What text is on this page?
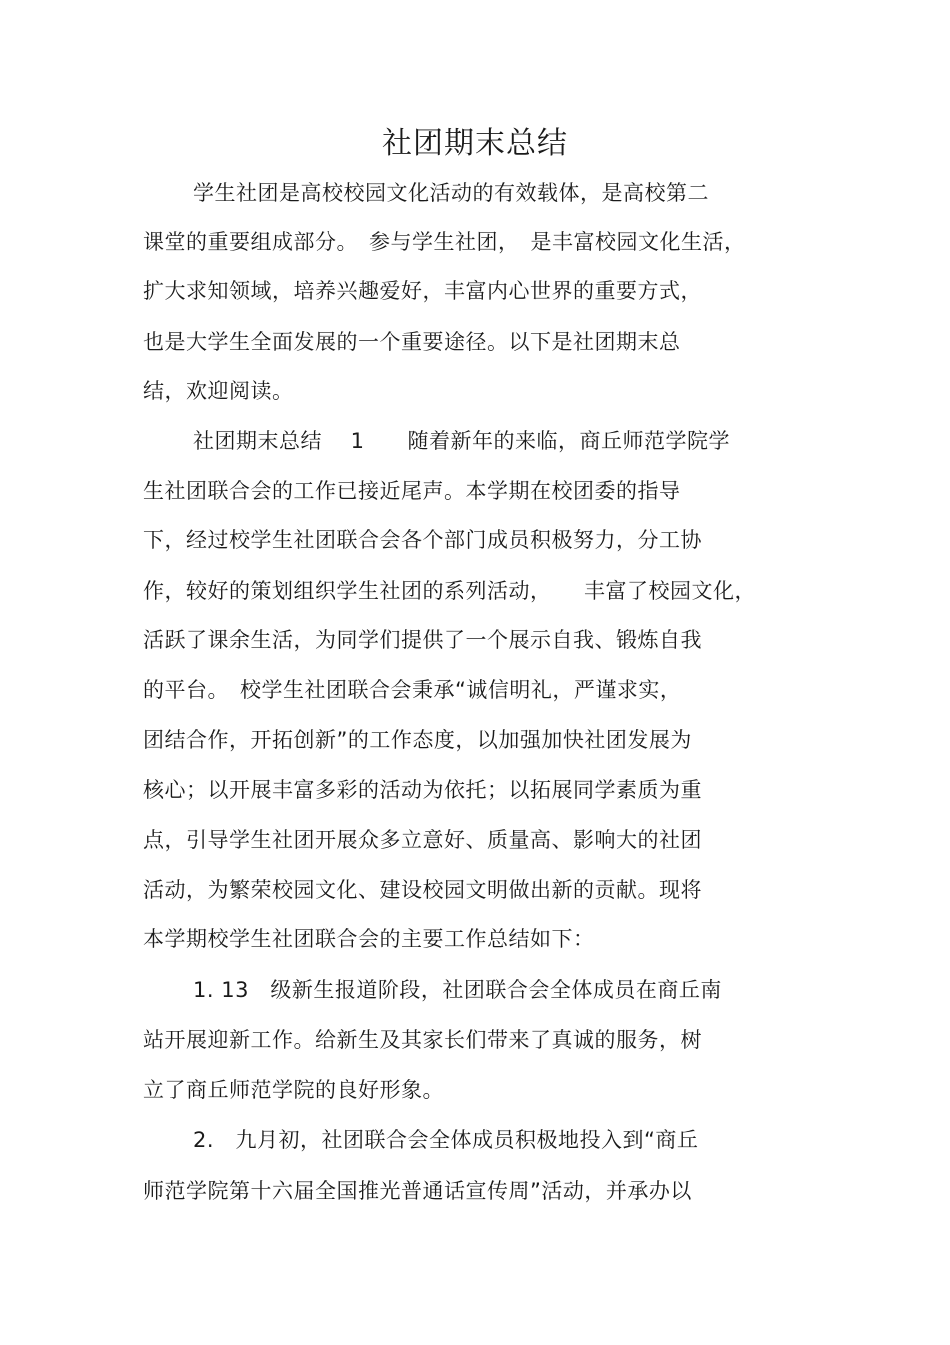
社团期末总结
学生社团是高校校园文化活动的有效载体，是高校第二
课堂的重要组成部分。　参与学生社团，　是丰富校园文化生活，
扩大求知领域，培养兴趣爱好，丰富内心世界的重要方式，
也是大学生全面发展的一个重要途径。以下是社团期末总
结，欢迎阅读。
社团期末总结　 1　　随着新年的来临，商丘师范学院学
生社团联合会的工作已接近尾声。本学期在校团委的指导
下，经过校学生社团联合会各个部门成员积极努力，分工协
作，较好的策划组织学生社团的系列活动，　　丰富了校园文化，
活跃了课余生活，为同学们提供了一个展示自我、锻炼自我
的平台。　校学生社团联合会秉承“诚信明礼，严谨求实，
团结合作，开拓创新”的工作态度，以加强加快社团发展为
核心；以开展丰富多彩的活动为依托；以拓展同学素质为重
点，引导学生社团开展众多立意好、质量高、影响大的社团
活动，为繁荣校园文化、建设校园文明做出新的贡献。现将
本学期校学生社团联合会的主要工作总结如下：
1. 13　级新生报道阶段，社团联合会全体成员在商丘南
站开展迎新工作。给新生及其家长们带来了真诚的服务，树
立了商丘师范学院的良好形象。
2.　九月初，社团联合会全体成员积极地投入到“商丘
师范学院第十六届全国推光普通话宣传周”活动，并承办以
